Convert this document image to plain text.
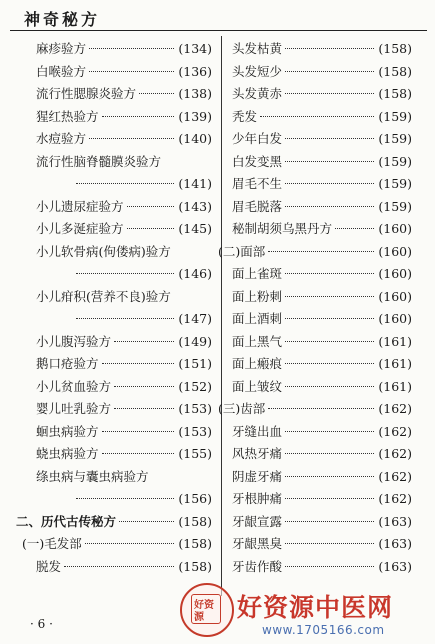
神奇秘方
麻疹验方	(134)
白喉验方	(136)
流行性腮腺炎验方	(138)
猩红热验方	(139)
水痘验方	(140)
流行性脑脊髓膜炎验方
(141)
小儿遗尿症验方	(143)
小儿多涎症验方	(145)
小儿软骨病(佝偻病)验方
(146)
小儿疳积(营养不良)验方
(147)
小儿腹泻验方	(149)
鹅口疮验方	(151)
小儿贫血验方	(152)
婴儿吐乳验方	(153)
蛔虫病验方	(153)
蛲虫病验方	(155)
绦虫病与囊虫病验方
(156)
二、历代古传秘方	(158)
(一)毛发部	(158)
脱发	(158)
头发枯黄	(158)
头发短少	(158)
头发黄赤	(158)
秃发	(159)
少年白发	(159)
白发变黑	(159)
眉毛不生	(159)
眉毛脱落	(159)
秘制胡须乌黑丹方	(160)
(二)面部	(160)
面上雀斑	(160)
面上粉刺	(160)
面上酒刺	(160)
面上黑气	(161)
面上瘢痕	(161)
面上皱纹	(161)
(三)齿部	(162)
牙缝出血	(162)
风热牙痛	(162)
阴虚牙痛	(162)
牙根肿痛	(162)
牙龈宣露	(163)
牙龈黑臭	(163)
牙齿作酸	(163)
· 6 ·
好资
源 好资源中医网
www.1705166.com
